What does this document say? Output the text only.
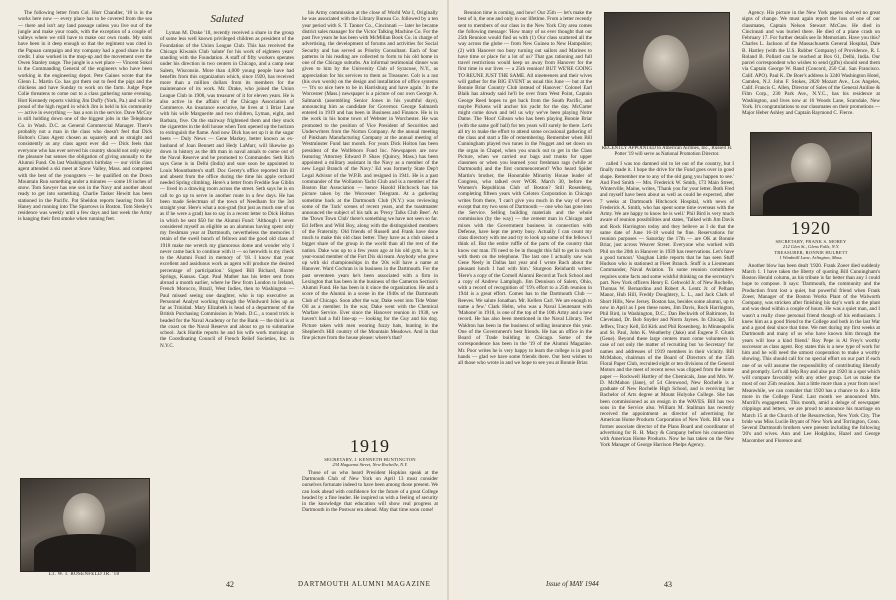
The following letter from Col. Horr Chandler, '18 is in the works here now — every place has to be covered from the sea — there and isn't any land passage unless you live out of the jungle and make your roads, with the exception of a couple of valleys where we still have to make our own roads. My units have been in it deep enough so that the regiment was cited in the Papuan campaign and my company had a good share in the credit. I also worked in the mop-up and the movement over the Owen Stanley range. The jungle is a wet place — Vincent Sokol is the Commanding General of the engineers who have been working in the engineering depot. Pete Gaines wrote that the Glenn L. Martin Co. has got them out to feed the pigs and the chickens and have Sunday to work on the farm. Judge Pope Colie threatens to come out to a class gathering some evening. Hort Kennedy reports visiting Jim Duffy (York, Pa.) and will be proud of the high regard in which Jim is held in his community — active in everything — has a son in the service. Dave McCoy is still holding down one of the biggest jobs in the Telephone Co. in Wash. D.C. as General Commercial Manager. There's probably not a man in the class who doesn't feel that Dick Holton's Class Agent chosen as squarely and as straight and consistently as any class agent ever did — Dick feels that everyone who has ever served his country should not only enjoy the pleasure but senses the obligation of giving annually to the Alumni Fund. On last Washington's birthday — our virile class agent attended a ski meet at Snow Valley, Mass. and competed with the best of the youngsters — he qualified on the Down Mountain Run something under a minutes — some 18 inches of snow. Tom Sawyer has one son in the Navy and another about ready to get into something. Charlie Tasker Hewitt has been stationed in the Pacific. Pat Sheldon reports hearing from Ed Haney and running into The Sparrows in Boston. Tom Slesley's residence was weekly until a few days and last week the Army is hanging their first smoke when running feet.

LT. W. I. ROSENFELD JR. '18
Saluted

Lyman M. Drake '18, recently received a share in the group of some less well known privileged children as president of the Foundation of the Union League Club. This has received the Chicago Kiwanis Club 'salute' for his work of eighteen years' standing with the Foundation. A staff of fifty workers operates under his direction in two centers in Chicago, and a camp near Salem, Wisconsin. More than 4,000 young people have had benefits from this organization which, since 1920, has received more than a million dollars from its members for the maintenance of its work. Mr. Drake, who joined the Union League Club in 1908, was treasurer of it for eleven years. He is also active in the affairs of the Chicago Association of Commerce. An insurance executive, he lives at 1 Briar Lane with his wife Marguerite and two children, Lyman, eight, and Barbara, five. On the stairway frightened them and they stuck the cigarettes in the doll house when Tom opened up the horizon to extinguish the flame. And now Dick has set up it in the sugar beets — Duly News — Gene Markey, better known as ex-husband of Joan Bennett and Hedy LaMarr, will likewise go down in history as the 4th man in naval annals to come out of the Naval Reserve and be promoted to Commander. Seth Rich says Gene is in Delhi (India) and sure soon be appointed to Louis Mountbatten's staff. Doc Gerety's office reported him ill and absent from the office during the time his apple orchard needed Spring climbing. Here's a letter from Freddie Sue Giblin — lived in a drawing room across the street. Seth says he is on call to go up to serve in another route in a few days. He has been made Selectman of the town of Needham for the 3rd straight year. Here's what a non-grad (but just as much one of us as if he were a grad) has to say in a recent letter to Dick Holton in which he sent $50 for the Alumni Fund: 'Although I never considered myself as eligible as an alumnus having spent only my freshman year at Dartmouth, nevertheless the memories I retain of the swell bunch of fellows and the good old class of 1918 make me wretch my glamorous dome and wonder why I never came back to continue with it — so herewith is my check to the Alumni Fund in memory of '18. I know that your excellent and assiduous work as agent will produce the desired percentage of participation.' Signed Bill Bichard, Baxter Springs, Kansas. Capt. Paul Mather has his letter sent from abroad a month earlier, where he flew from London to Ireland, French Morocco, Brazil, West Indies, then to Washington — Paul missed seeing one daughter, who is top executive as Personnel Analyst working through the Windward Isles up as far as Trinidad. Mary Elizabeth is head of a department of the British Purchasing Commission in Wash. D.C., a round trick is headed for the Naval Academy or for the Bank — the third is at the coast on the Naval Reserve and about to go to submarine school. Jack Hardie reports he and his wife work mornings at the Coordinating Council of French Relief Societies, Inc. in N.Y.C.

his Army commission at the close of World War I, Originally he was associated with the Library Bureau Co. followed by a ten year period with S. T. Tanner Co., Cincinnati — later he became district sales manager for the Victor Talking Machine Co. For the past five years he has been with McMillan Book Co. in charge of advertising, the development of forums and activities for Social Security and has served as Priority Consultant. Each of four patterns in his reading are collected to form to his old home in one of the Chicago suburbs. An informal testimonial dinner was given to him by the University Club of Syracuse, N.Y., as appreciation for his services to them as Treasurer. Colt is a nut (his own words) on the design and installation of office systems — 'It's so nice here to be in Harrisburg and have again.' In the Worcester (Mass.) newspaper is a picture of our own George A. Salmarsh (assembling Senior Jones in his youthful days), announcing him as candidate for Governor. George Salmarsh entered in 1919 and has been in Business and Finance. He is in the work in his home town of Webster in Worchester. He was promoted to the position of Vice President of Securities and Underwriters from the Norton Company. At the annual meeting of Pinkham Manufacturing Company at the annual meeting of Westminster Fund last month. For years Dick Holton has been president of the Wolfeboro Fund Inc. Newspapers are now featuring 'Attorney Edward P. Shaw (Quincy, Mass.) has been appointed a military assistant in the Navy as a member of the new Legal Branch of the Navy.' Ed was formerly State Dep't Legal Advisor of the W.P.B. and resigned in 1941. He is a past commander of the Wollaston Yacht Club and is a member of the Boston Bar Association — hence Harold Hitchcock has his picture taken by the Worcester Telegram. At a gathering sometime back at the Dartmouth Club (N.Y.) was reviewing some of the 'Jack' scenes of recent years, and the toastmaster announced the subject of his talk as 'Prexy Talks Club Beer'. At the 'Down Town Club' there's something we have not seen so far. Ed Jeffers and Wild Boy, along with the distinguished members of the Fraternity. Old friends of Russell and Frank have done much to make this old class better. They have as a club raised a bigger share of the group in the world than all the rest of the nation. Dake was up to a few years ago at his old gym, he is a year-round member of the Fort Dix ski team. Anybody who grew up with ski championships in the '20s will have a name at Hanover. Ward Cochran is in business in the Dartmouth. For the past seventeen years he's been associated with a firm in Lexington that has been in the business of the Cameron Section's Alumni Fund. He has been in it since the organization. He and a score of the Alumni in a scene in the 1940s of the Dartmouth Club of Chicago. Soon after the war, Dake went into Tide Water Oil as a member. In the war, Dake went with the Chemical Warfare Service. Ever since the Hanover reunion in 1938, we haven't had a full line-up — looking for the Guy and his dog. Picture taken with men wearing fuzzy hats, hunting in the Shepherd's Hill country of the Mountain Meadows. And in that fine picture from the house please: where's that?

1919
SECRETARY, J. KENNETH HUNTINGTON
234 Huguenot Street, New Rochelle, N.Y.

Those of us who heard President Hopkins speak at the Dartmouth Club of New York on April 13 must consider ourselves fortunate indeed to have been among those present. We can look ahead with confidence for the future of a great College headed by a fine leader. He inspired us with a feeling of security in the knowledge that education will show real progress at Dartmouth in the Postwar era ahead. May that time soon come!

42	DARTMOUTH ALUMNI MAGAZINE

Reunion time is coming, and how! Our 25th — let's make the best of it, the one and only in our lifetime. From a letter recently sent to members of our class in the New York City area comes the following message: 'How many of us ever thought that our 25th Reunion would find us with (1) Our class scattered all the way across the globe — from New Guinea to New Hampshire; (2) with Hanover too busy turning out sailors and Marines to have time or place for a lot of us? That gas rationing and full travel restrictions would keep us away from Hanover for the first time in our lives — a 25th reunion! BUT WE'RE GOING TO REUNE JUST THE SAME. All nineteeners and their wives will gather for the BIG EVENT as usual this June — but at the Bonnie Briar Country Club instead of Hanover.' Colonel Earl Blaik has already said he'll be over from West Point, Captain George Reed hopes to get back from the South Pacific, and maybe Pickens will anchor his yacht for the day. McCarter might come down and tell us why we've been playing Notre Dame. The 'Hoot' Gibson who has been playing Bonnie Briar (with the same golf ball) for ten years will surely be there. Let's all try to make the effort to attend some occasional gathering of the class and start a file of remembering. Remember when Bill Cunningham played two tunes in the Nugget and set down on the organ in Chapel, when you snuck out to get in the Class Picture, when we carried our bags and trunks for upper classmen or when you learned your freshman rags (while at Dartmouth) and the first commencement? Who heard Spider Martin's brother, the Honorable Minority House leader of Congress, who talked over WOR. March 30, before the Women's Republican Club of Boston? Still Rosenberg, completing fifteen years with Celotex Corporation in Chicago writes from there, 'I can't give you much in the way of news except that my two sons of Dartmouth — one who has gone into the Service. Selling building materials and the whole commission (by the way) — the cement man in Chicago and mixes with the Government business in connection with Defense, have kept me pretty busy. Actually I can count my class directory with me and try to look up some of the fellows I think of. But the entire ruffle of the parts of the country that know our man. I'll need to be in thought this fall to get in touch with them on the telephone. The last one I actually saw was Gene Neely in Dallas last year and I wrote Bach about the pleasant lunch I had with him.' Sturgeon Reinhardt writes: 'Here's a copy of the Cornell Alumni Record at Tuck School and a copy of Andrew Lamplugh. Jim Dennison of Salem, Ohio, with a record of recognition of '19's effort to a 25th reunion in 1944 is a great effort. Comes has to the Dartmouth Club — Reeves. We salute Jonathan. Mr. Kellers Carl. We are enough to name a few.' Clark Helm, who was a Naval Lieutenant with 'Mahone' in 1918, is one of the top of the 10th Army and a new record. He has also been mentioned in the Naval Library. Ted Waldron has been in the business of selling insurance this year. One of the Government's best friends. He has an office in the Board of Trade building in Chicago. Some of the correspondence has been in the '19 of the Alumni Magazine. Mr. Poor writes he is very happy to learn the college is in good hands — glad we have some friends there. Our best wishes to all those who wrote in and we hope to see you at Bonnie Briar.

RECENTLY APPOINTED to American Airlines, Inc., Russell H. Potter '19 will serve as National Promotion Director.

called I was too damned old to let out of the country, but I finally made it. I hope the drive for the Fund goes over in good shape. Remember me to any of the old gang you happen to see.' And Fred Smith — Mrs. Frederick W. Smith, 173 Main Street, Winterville, Maine, writes, 'Thank you for your letter. Both Fred and myself have been about as well as could be expected, after 7 weeks at Dartmouth Hitchcock Hospital, with news of Frederick A. Smith, who has spent some time overseas with the Army. We are happy to know he is well.' Phil Bird is very much aware of reunion possibilities and states, 'Talked with Jim Davis and Rock Harrington today and they believe as I do that the same date of June 16-18 would be fine. Reservations for reunion purposes — Saturday the 17th — are OK at Bonnie Briar, just across Weaver Street. Everyone who worked with Phil on the 20th in Hanover in 1939 has reservations. Let's have a good turnout.' Vaughan Little reports that he has seen Stuff Hudson who is stationed at Fleet Branch. Stuff is a Lieutenant Commander, Naval Aviation. To some reunion committees requires some facts and some wishful thinking on the secretary's part. New York officers Henry E. Gehwold Jr. of New Rochelle, Thomas W. Bernardino and Robert A. Lentz Jr. of Pelham Manor, Hub Hill, Freddy Doughtery, L. L., and Jack Clark of Short Hills, New Jersey. Boston has, besides some alumni, up to now in April as I pen these notes, Jim Davis, Rock Harrington, Phil Bird, in Washington, D.C.; Dan Beckwith of Baltimore, In Cleveland, Dr. Bob Snyder and Norm Jaynes. In Chicago, Ed Jeffers, Tracy Kell, Ed Kirk and Phil Rosenberg. In Minneapolis and St. Paul, John K. Weatherby (Jake) and Eugene F. Glunk (Gene). Beyond these large centers must come volunteers in case of not only the matter of recruiting but 'so Secretary' for names and addresses of 1919 members in their vicinity. Bill McMahon, chairman of the Board of Directors of the 15th Floral Paper Club, recruited eight or ten divisions of the General Motors and the meet of recent news was clipped from the home paper — Rockwell Hartley of the Chemicals, Jane and Mrs. W. D. McMahon (Jane), of 54 Glenwood, New Rochelle is a graduate of New Rochelle High School, and is receiving her Bachelor of Arts degree at Mount Holyoke College. She has been commissioned as an ensign in the WAVES. Bill has two sons in the Service also. William M. Stallman has recently received the appointment as director of advertising for American Home Products Corporation of New York. Bill was a former associate director of the Plans Board and coordinator of advertising for R. H. Macy & Company before his connection with American Home Products. Now he has taken on the New York Manager of George Harrison Phelps Agency.

Agency. His picture in the New York papers showed no great signs of change. We must again report the loss of one of our classmates, Captain Nelson Stewart McCaw. He died in Cincinnati and was buried there. He died of a plane crash on February 17. For further details see In Memoriam. Have you this? Charles L. Jackson of the Massachusetts General Hospital, Dale B. Hartley (with the U.S. Rubber Company) of Providence, R. I. Roland B. Pollard can be reached at Box 61, Delhi, India. Our parcel correspondent who wishes to send (gifts) should send them via Captain George W. Rand (Concord, 250 Cal. San Francisco. Calif. APO). Paul K. De Boer's address is 3240 Washington Hotel, Camden, N.J. John F. Stokes, 2820 Mozart Ave., Los Angeles, Calif. Francis C. Allen, Director of Sales of the General Aniline & Film Corp., 230 Park Ave., N.Y.C., has his residence at Washington, and lives now at 16 Woods Lane, Scarsdale, New York. It's congratulations to our classmates on their promotions — Major Heber Ashley and Captain Raymond C. Fierce.

1920
SECRETARY, FRANK S. MOREY
212 Glen St., Glens Falls, N.Y.
TREASURER, RONNIE HULBETT
1 Windmill Lane, Arlington, Mass.

Another blow has been dealt '1920. Frank Zoeer died suddenly March 1. I have taken the liberty of quoting Bill Cunningham's Boston Herald column, as his tribute is far better than any I could hope to compose. It says: 'Dartmouth, the community and the Production front lost a quiet, but powerful friend when Frank Zoeer, Manager of the Boston Works Plant of the Walworth Company, was stricken after finishing his day's work at the plant and was dead within a couple of hours. He was a quiet man, and I wasn't a really close personal friend though of his enthusiasm. I knew him as a good friend to the College and both in the last War and a good deal since that time. We met during my first weeks at Dartmouth and many of us who have known him through the years will lose a kind friend.' Roy Pepe is Al Frey's worthy successor as class agent. Roy states this is a new type of work for him and he will need the utmost cooperation to make a worthy showing. This should call for no special effort on our part if each one of us will assume the responsibility of contributing liberally and promptly. Let's all help Roy and also put 1920 in a spot which will compare favorably with any other group. Let us make the most of our 25th reunion. Just a little more than a year from now! Meanwhile, we can consider that 1920 has a chance to do a little more in the College Fund. Last month we announced Mrs. Murrill's engagement. This month, amid a deluge of newspaper clippings and letters, we are proud to announce his marriage on March 15 at the Church of the Resurrection, New York City. The bride was Miss Lucile Bryant of New York and Torrington, Conn. Several Dartmouth brothers were present including the following '20's and wives. Ann and Lee Hodgkins, Hazel and George Macomber and Florence and

Issue of MAY 1944	43
